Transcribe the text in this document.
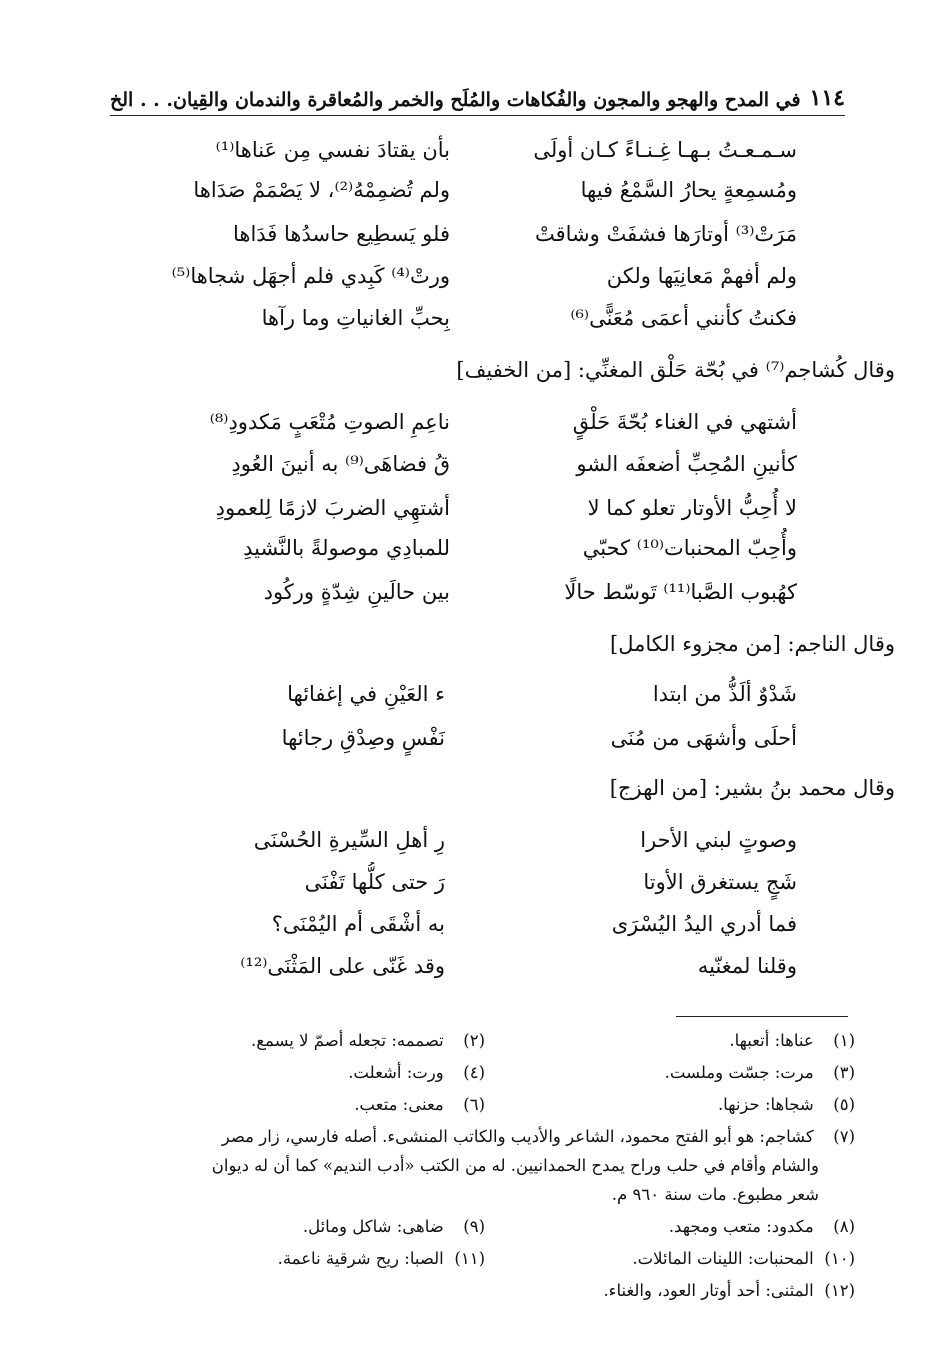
١١٤
في المدح والهجو والمجون والفُكاهات والمُلَح والخمر والمُعاقرة والندمان والقِيان. . . الخ
سـمـعـتُ بـهـا غِـنـاءً كـان أولَى
بأن يقتادَ نفسي مِن عَناها⁽¹⁾
ومُسمِعةٍ يحارُ السَّمْعُ فيها
ولم تُضمِمْهُ⁽²⁾، لا يَصْمَمْ صَدَاها
مَرَتْ⁽³⁾ أوتارَها فشفَتْ وشاقتْ
فلو يَسطِيع حاسدُها فَدَاها
ولم أفهمْ مَعانِيَها ولكن
ورتْ⁽⁴⁾ كَبِدي فلم أجهَل شجاها⁽⁵⁾
فكنتُ كأنني أعمَى مُعَنًّى⁽⁶⁾
بِحبِّ الغانياتِ وما رآها
وقال كُشاجم⁽⁷⁾ في بُحّة حَلْق المغنِّي: [من الخفيف]
أشتهي في الغناء بُحّةَ حَلْقٍ
ناعِمِ الصوتِ مُتْعَبٍ مَكدودِ⁽⁸⁾
كأنينِ المُحِبِّ أضعفَه الشو
قُ فضاهَى⁽⁹⁾ به أنينَ العُودِ
لا أُحِبُّ الأوتار تعلو كما لا
أشتهِي الضربَ لازمًا لِلعمودِ
وأُحِبّ المحنبات⁽¹⁰⁾ كحبّي
للمبادِي موصولةً بالنَّشيدِ
كهُبوب الصَّبا⁽¹¹⁾ تَوسّط حالًا
بين حالَينِ شِدّةٍ وركُود
وقال الناجم: [من مجزوء الكامل]
شَدْوٌ ألَذُّ من ابتدا
ء العَيْنِ في إغفائها
أحلَى وأشهَى من مُنَى
نَفْسٍ وصِدْقِ رجائها
وقال محمد بنُ بشير: [من الهزج]
وصوتٍ لبني الأحرا
رِ أهلِ السِّيرةِ الحُسْنَى
شَجٍ يستغرق الأوتا
رَ حتى كلُّها تَفْنَى
فما أدري اليدُ اليُسْرَى
به أشْقَى أم اليُمْنَى؟
وقلنا لمغنّيه
وقد غَنّى على المَثْنَى⁽¹²⁾
(١) عناها: أتعبها.
(٢) تصممه: تجعله أصمّ لا يسمع.
(٣) مرت: جسّت وملست.
(٤) ورت: أشعلت.
(٥) شجاها: حزنها.
(٦) معنى: متعب.
(٧) كشاجم: هو أبو الفتح محمود، الشاعر والأديب والكاتب المنشىء. أصله فارسي، زار مصر
والشام وأقام في حلب وراح يمدح الحمدانيين. له من الكتب «أدب النديم» كما أن له ديوان
شعر مطبوع. مات سنة ٩٦٠ م.
(٨) مكدود: متعب ومجهد.
(٩) ضاهى: شاكل ومائل.
(١٠) المحنبات: اللينات المائلات.
(١١) الصبا: ريح شرقية ناعمة.
(١٢) المثنى: أحد أوتار العود، والغناء.
